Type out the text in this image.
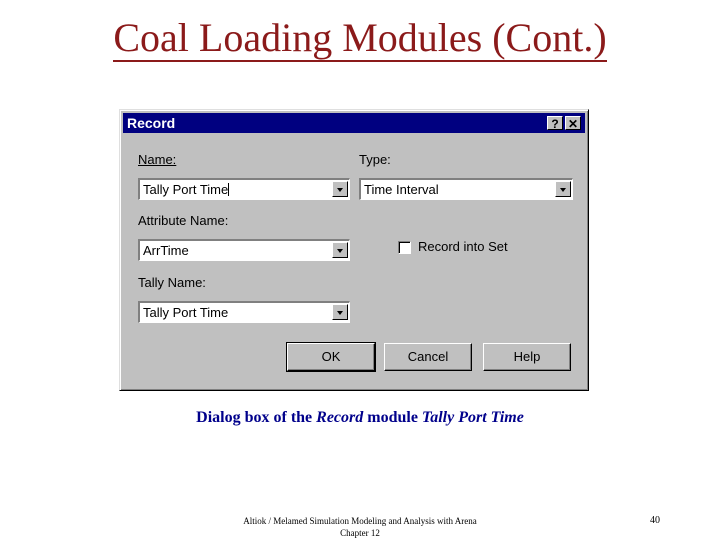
Coal Loading Modules (Cont.)
Record	? ✕
Name:
Tally Port Time
Type:
Time Interval
Attribute Name:
ArrTime	Record into Set
Tally Name:
Tally Port Time
OK	Cancel	Help
Dialog box of the Record module Tally Port Time
Altiok / Melamed Simulation Modeling and Analysis with Arena
Chapter 12
40
